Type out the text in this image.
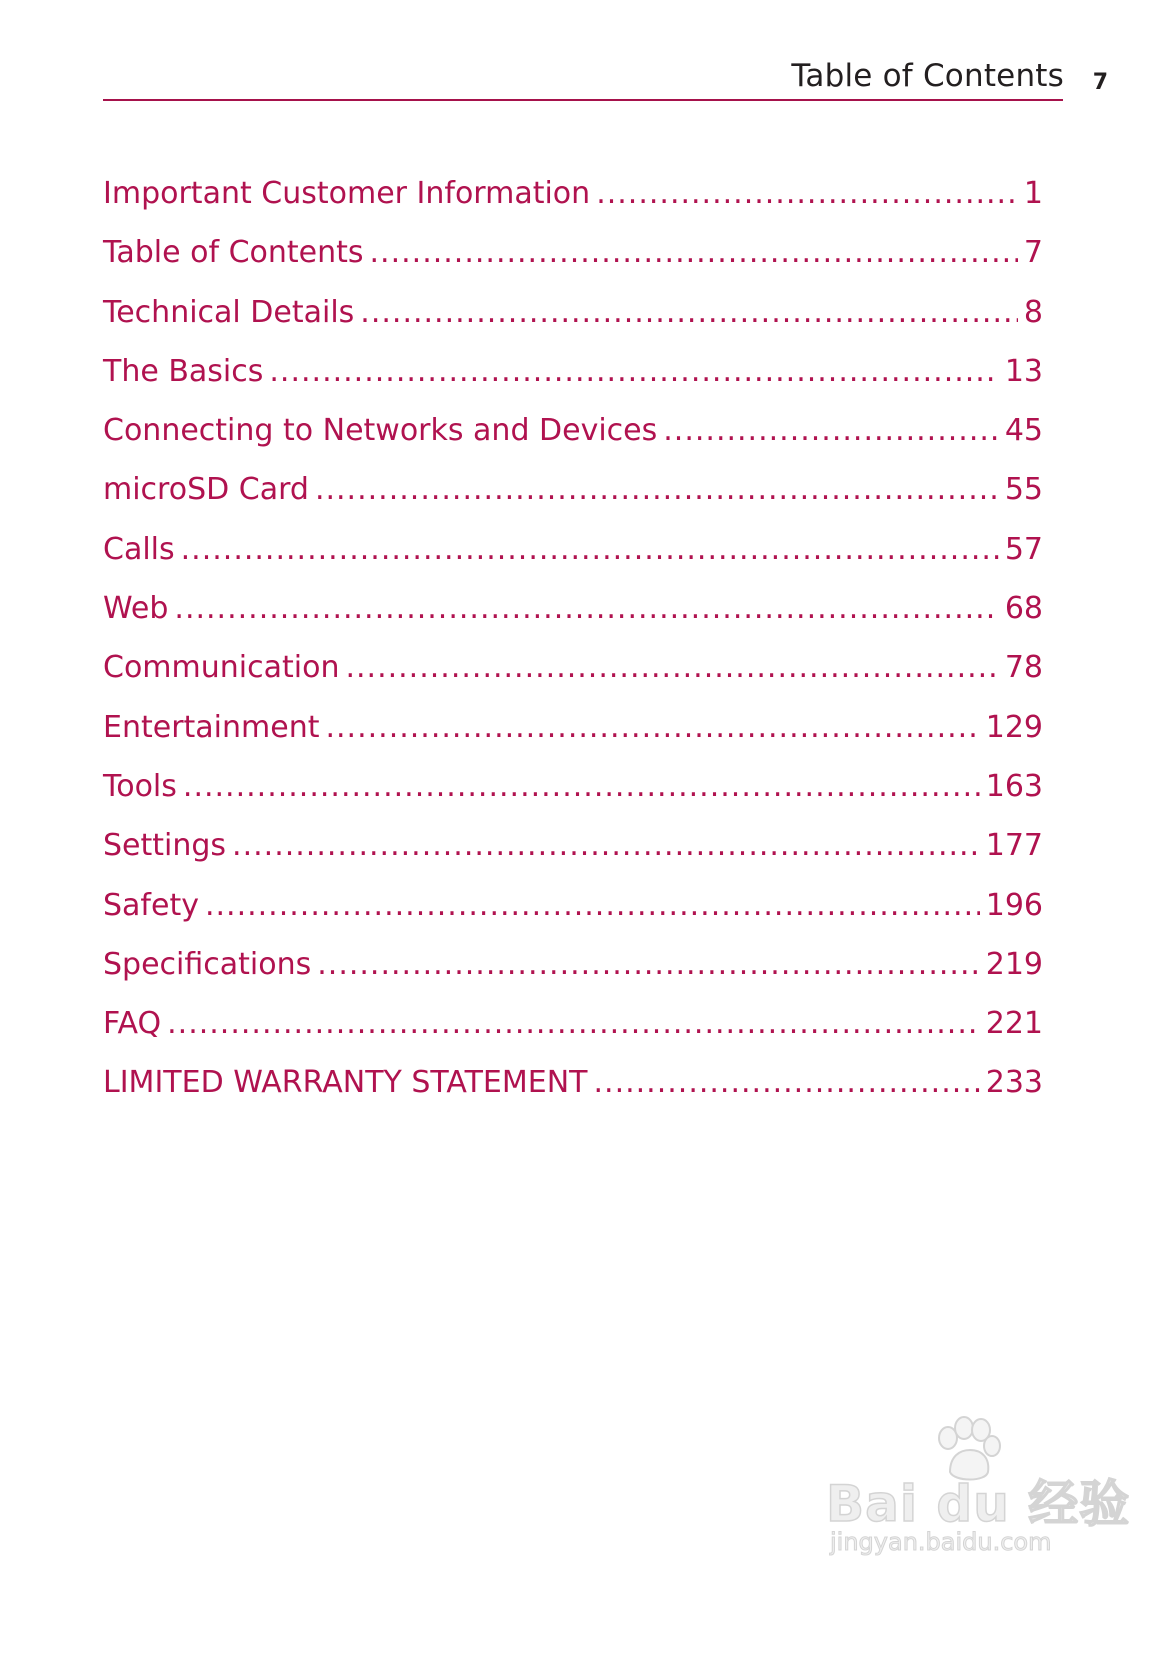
Table of Contents 7
Important Customer Information .....	1
Table of Contents .....	7
Technical Details .....	8
The Basics .....	13
Connecting to Networks and Devices .....	45
microSD Card .....	55
Calls .....	57
Web .....	68
Communication .....	78
Entertainment .....	129
Tools .....	163
Settings .....	177
Safety .....	196
Specifications .....	219
FAQ .....	221
LIMITED WARRANTY STATEMENT .....	233
Bai du 经验
jingyan.baidu.com
